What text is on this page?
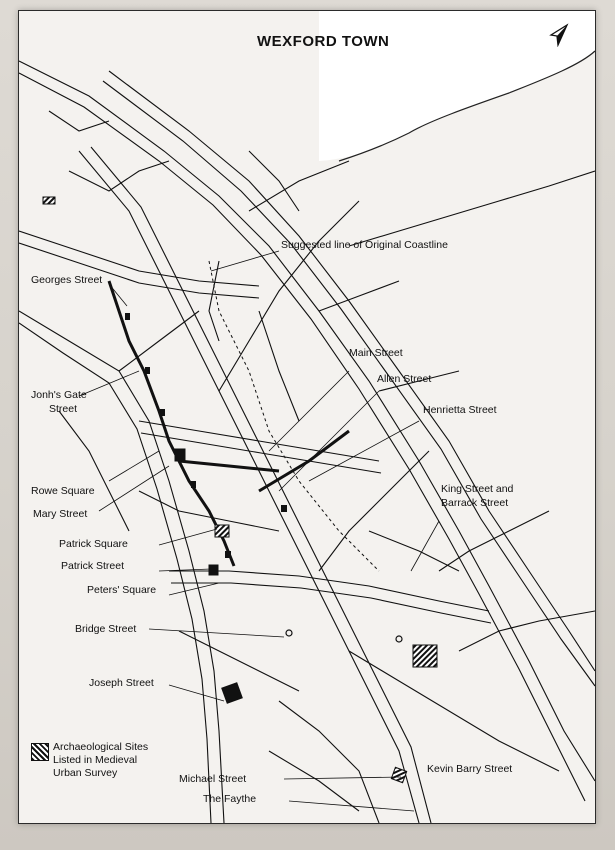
WEXFORD TOWN
Suggested line of Original Coastline
Georges Street
Main Street
Allen Street
Jonh's Gate
Street	Henrietta Street
Rowe Square	King Street and
Barrack Street
Mary Street
Patrick Square
Patrick Street
Peters' Square
Bridge Street
Joseph Street
Archaeological Sites
Listed in Medieval
Urban Survey	Kevin Barry Street
Michael Street
The Faythe
